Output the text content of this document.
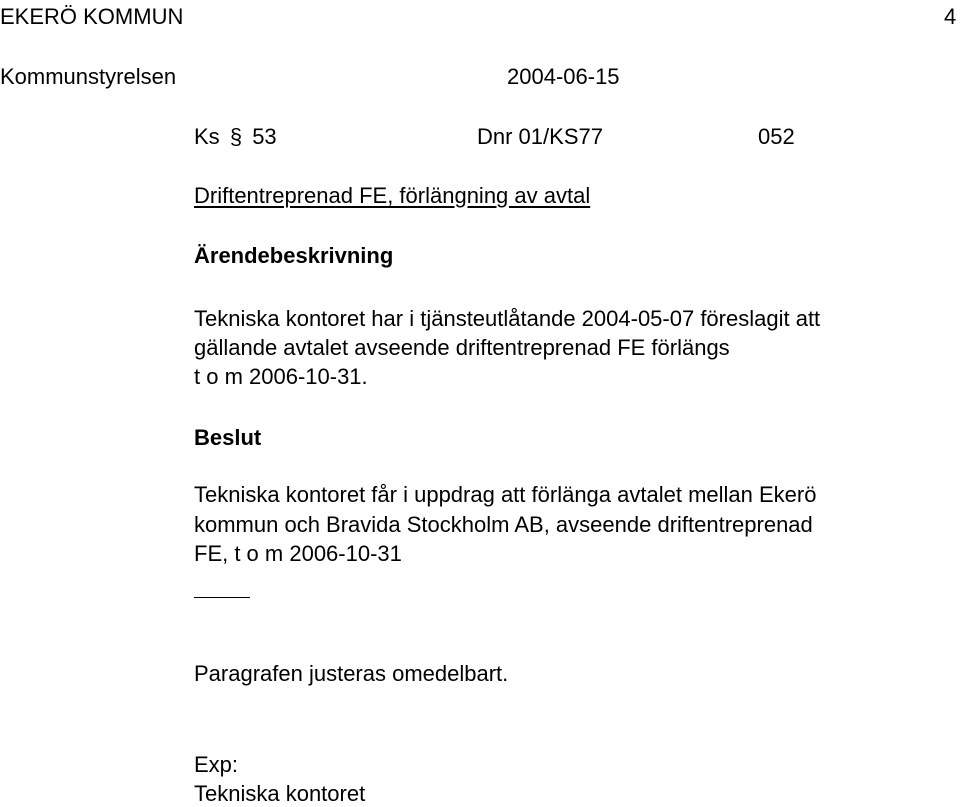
EKERÖ KOMMUN	4
Kommunstyrelsen	2004-06-15
Ks § 53	Dnr 01/KS77	052
Driftentreprenad FE, förlängning av avtal
Ärendebeskrivning
Tekniska kontoret har i tjänsteutlåtande 2004-05-07 föreslagit att
gällande avtalet avseende driftentreprenad FE förlängs
t o m 2006-10-31.
Beslut
Tekniska kontoret får i uppdrag att förlänga avtalet mellan Ekerö
kommun och Bravida Stockholm AB, avseende driftentreprenad
FE, t o m 2006-10-31
Paragrafen justeras omedelbart.
Exp:
Tekniska kontoret
